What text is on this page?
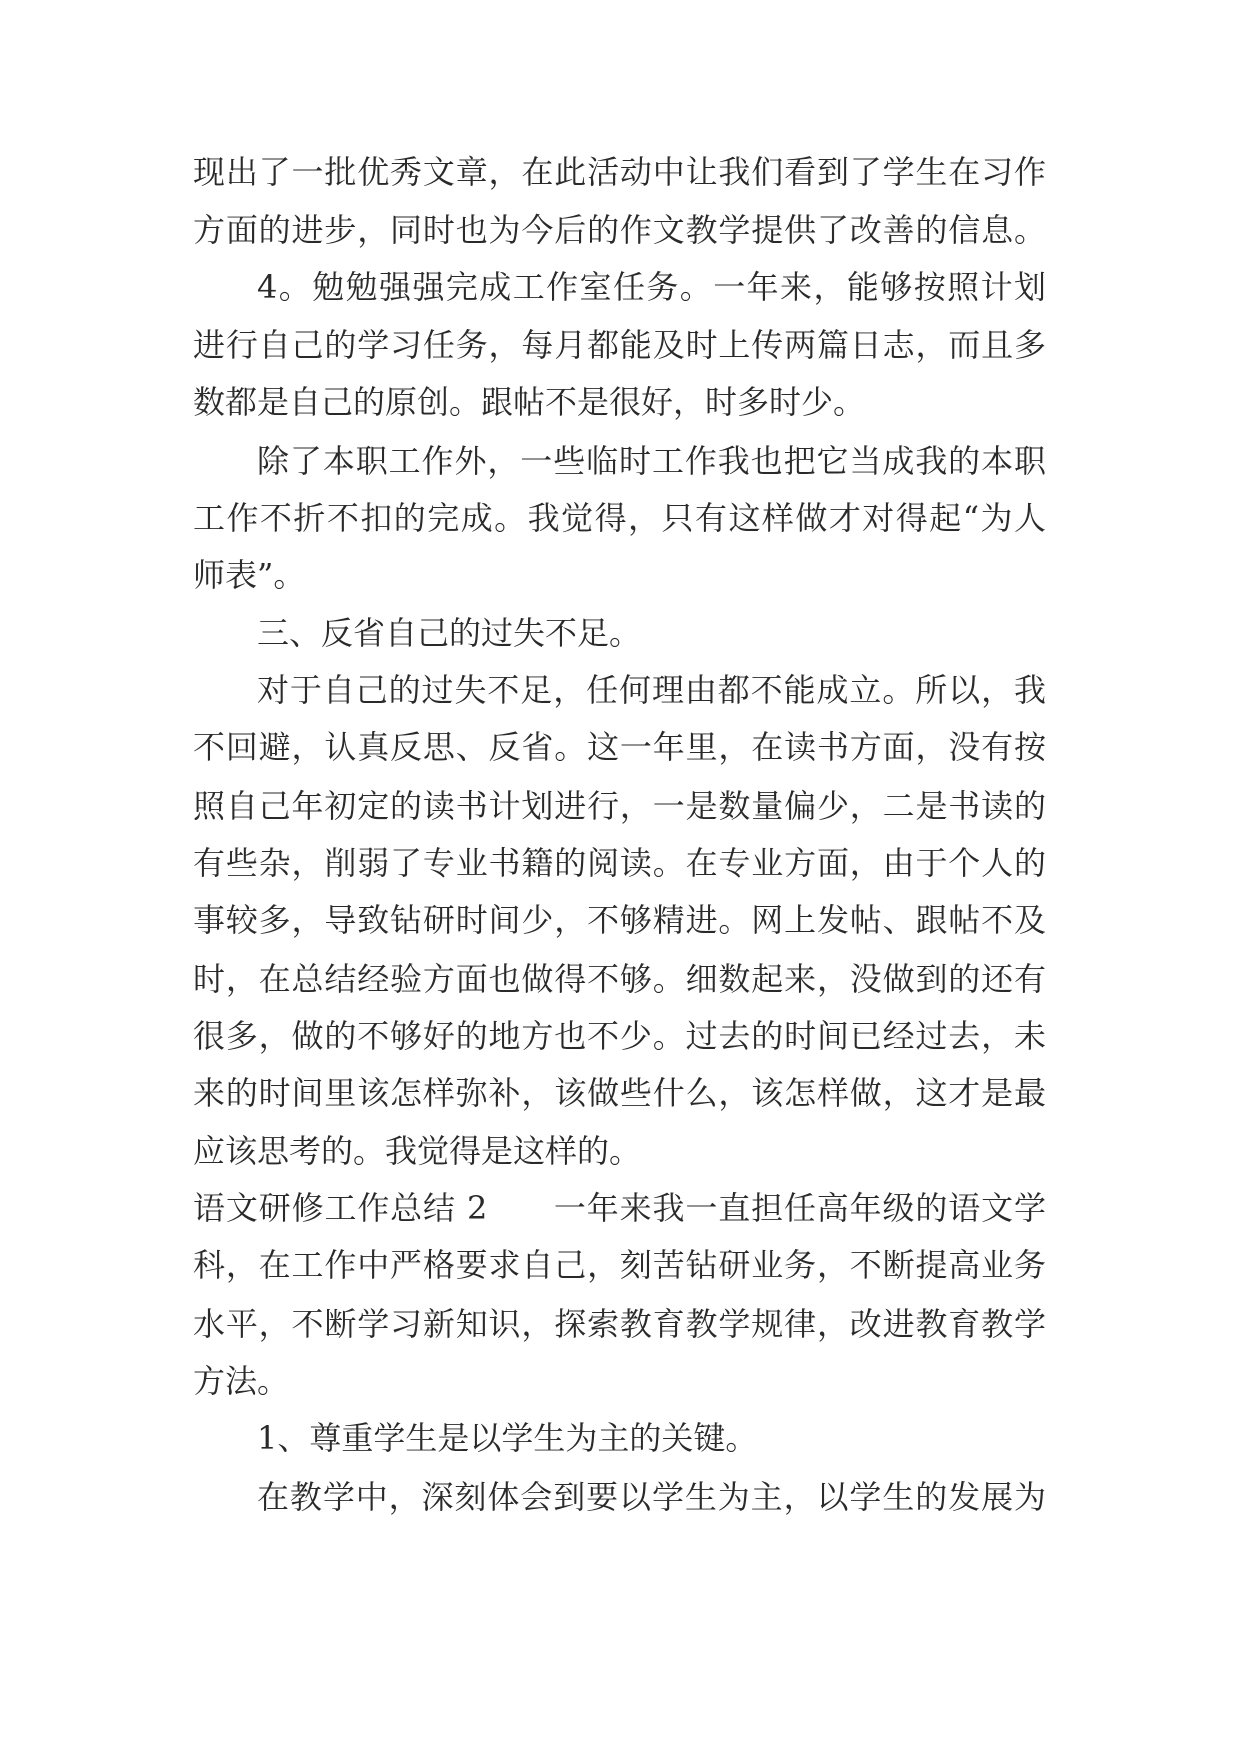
现出了一批优秀文章，在此活动中让我们看到了学生在习作

方面的进步，同时也为今后的作文教学提供了改善的信息。

4。勉勉强强完成工作室任务。一年来，能够按照计划

进行自己的学习任务，每月都能及时上传两篇日志，而且多

数都是自己的原创。跟帖不是很好，时多时少。

除了本职工作外，一些临时工作我也把它当成我的本职

工作不折不扣的完成。我觉得，只有这样做才对得起“为人

师表”。

三、反省自己的过失不足。

对于自己的过失不足，任何理由都不能成立。所以，我

不回避，认真反思、反省。这一年里，在读书方面，没有按

照自己年初定的读书计划进行，一是数量偏少，二是书读的

有些杂，削弱了专业书籍的阅读。在专业方面，由于个人的

事较多，导致钻研时间少，不够精进。网上发帖、跟帖不及

时，在总结经验方面也做得不够。细数起来，没做到的还有

很多，做的不够好的地方也不少。过去的时间已经过去，未

来的时间里该怎样弥补，该做些什么，该怎样做，这才是最

应该思考的。我觉得是这样的。

语文研修工作总结 2　　一年来我一直担任高年级的语文学

科，在工作中严格要求自己，刻苦钻研业务，不断提高业务

水平，不断学习新知识，探索教育教学规律，改进教育教学

方法。

1、尊重学生是以学生为主的关键。

在教学中，深刻体会到要以学生为主，以学生的发展为
